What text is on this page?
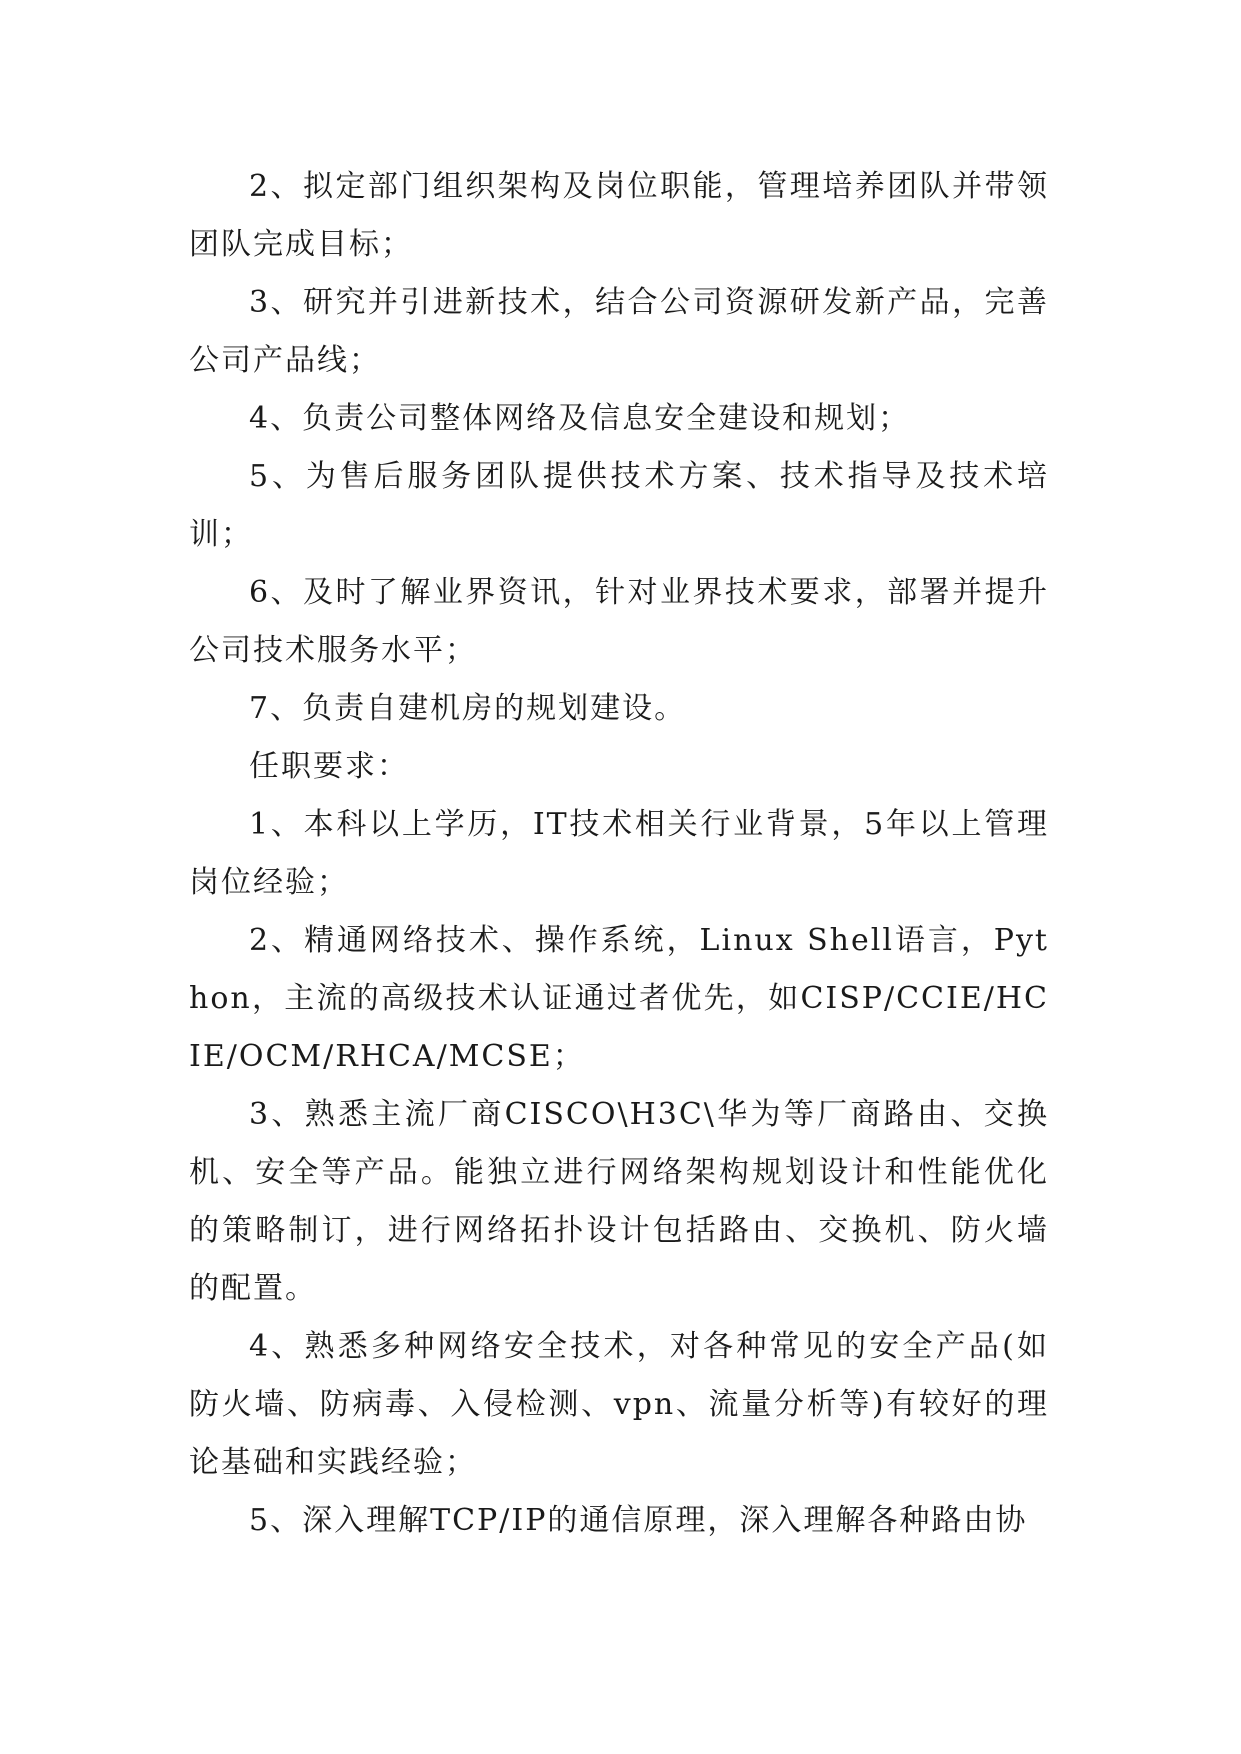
2、拟定部门组织架构及岗位职能，管理培养团队并带领团队完成目标；

3、研究并引进新技术，结合公司资源研发新产品，完善公司产品线；

4、负责公司整体网络及信息安全建设和规划；

5、为售后服务团队提供技术方案、技术指导及技术培训；

6、及时了解业界资讯，针对业界技术要求，部署并提升公司技术服务水平；

7、负责自建机房的规划建设。

任职要求：

1、本科以上学历，IT技术相关行业背景，5年以上管理岗位经验；

2、精通网络技术、操作系统，Linux Shell语言，Python，主流的高级技术认证通过者优先，如CISP/CCIE/HCIE/OCM/RHCA/MCSE；

3、熟悉主流厂商CISCO\H3C\华为等厂商路由、交换机、安全等产品。能独立进行网络架构规划设计和性能优化的策略制订，进行网络拓扑设计包括路由、交换机、防火墙的配置。

4、熟悉多种网络安全技术，对各种常见的安全产品(如防火墙、防病毒、入侵检测、vpn、流量分析等)有较好的理论基础和实践经验；

5、深入理解TCP/IP的通信原理，深入理解各种路由协
